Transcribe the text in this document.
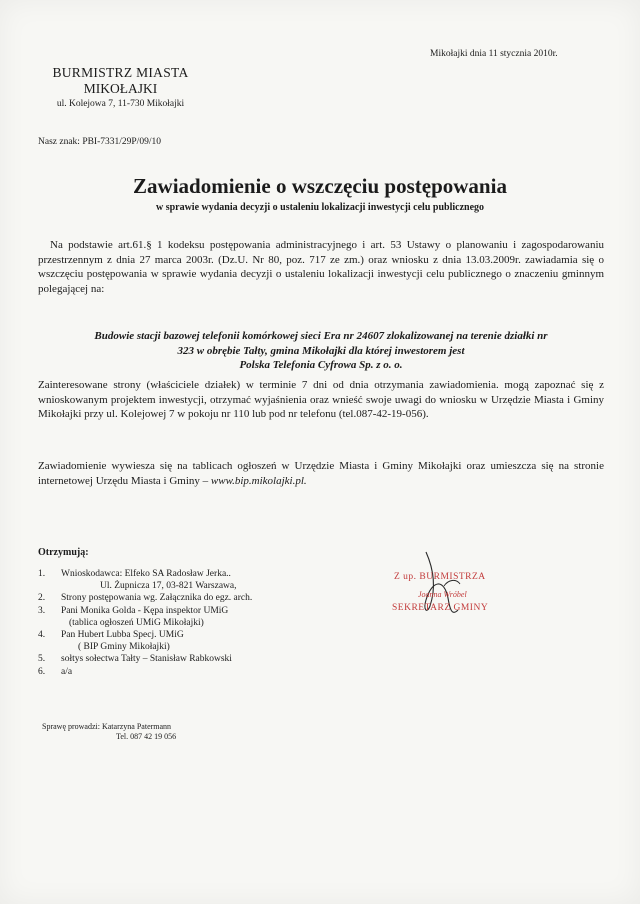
Mikołajki dnia 11 stycznia 2010r.
BURMISTRZ MIASTA
MIKOŁAJKI
ul. Kolejowa 7, 11-730 Mikołajki
Nasz znak: PBI-7331/29P/09/10
Zawiadomienie o wszczęciu postępowania
w sprawie wydania decyzji o ustaleniu lokalizacji inwestycji celu publicznego
Na podstawie art.61.§ 1 kodeksu postępowania administracyjnego i art. 53 Ustawy o planowaniu i zagospodarowaniu przestrzennym z dnia 27 marca 2003r. (Dz.U. Nr 80, poz. 717 ze zm.) oraz wniosku z dnia 13.03.2009r. zawiadamia się o wszczęciu postępowania w sprawie wydania decyzji o ustaleniu lokalizacji inwestycji celu publicznego o znaczeniu gminnym polegającej na:
Budowie stacji bazowej telefonii komórkowej sieci Era nr 24607 zlokalizowanej na terenie działki nr
323 w obrębie Tałty, gmina Mikołajki dla której inwestorem jest
Polska Telefonia Cyfrowa Sp. z o. o.
Zainteresowane strony (właściciele działek) w terminie 7 dni od dnia otrzymania zawiadomienia. mogą zapoznać się z wnioskowanym projektem inwestycji, otrzymać wyjaśnienia oraz wnieść swoje uwagi do wniosku w Urzędzie Miasta i Gminy Mikołajki przy ul. Kolejowej 7 w pokoju nr 110 lub pod nr telefonu (tel.087-42-19-056).
Zawiadomienie wywiesza się na tablicach ogłoszeń w Urzędzie Miasta i Gminy Mikołajki oraz umieszcza się na stronie internetowej Urzędu Miasta i Gminy – www.bip.mikolajki.pl.
Otrzymują:
1. Wnioskodawca: Elfeko SA Radosław Jerka..
Ul. Żupnicza 17, 03-821 Warszawa,
2. Strony postępowania wg. Załącznika do egz. arch.
3. Pani Monika Golda - Kępa inspektor UMiG
(tablica ogłoszeń UMiG Mikołajki)
4. Pan Hubert Lubba Specj. UMiG
( BIP Gminy Mikołajki)
5. sołtys sołectwa Tałty – Stanisław Rabkowski
6. a/a
Z up. BURMISTRZA
Joanna Wróbel
SEKRETARZ GMINY
Sprawę prowadzi: Katarzyna Patermann
Tel. 087 42 19 056
